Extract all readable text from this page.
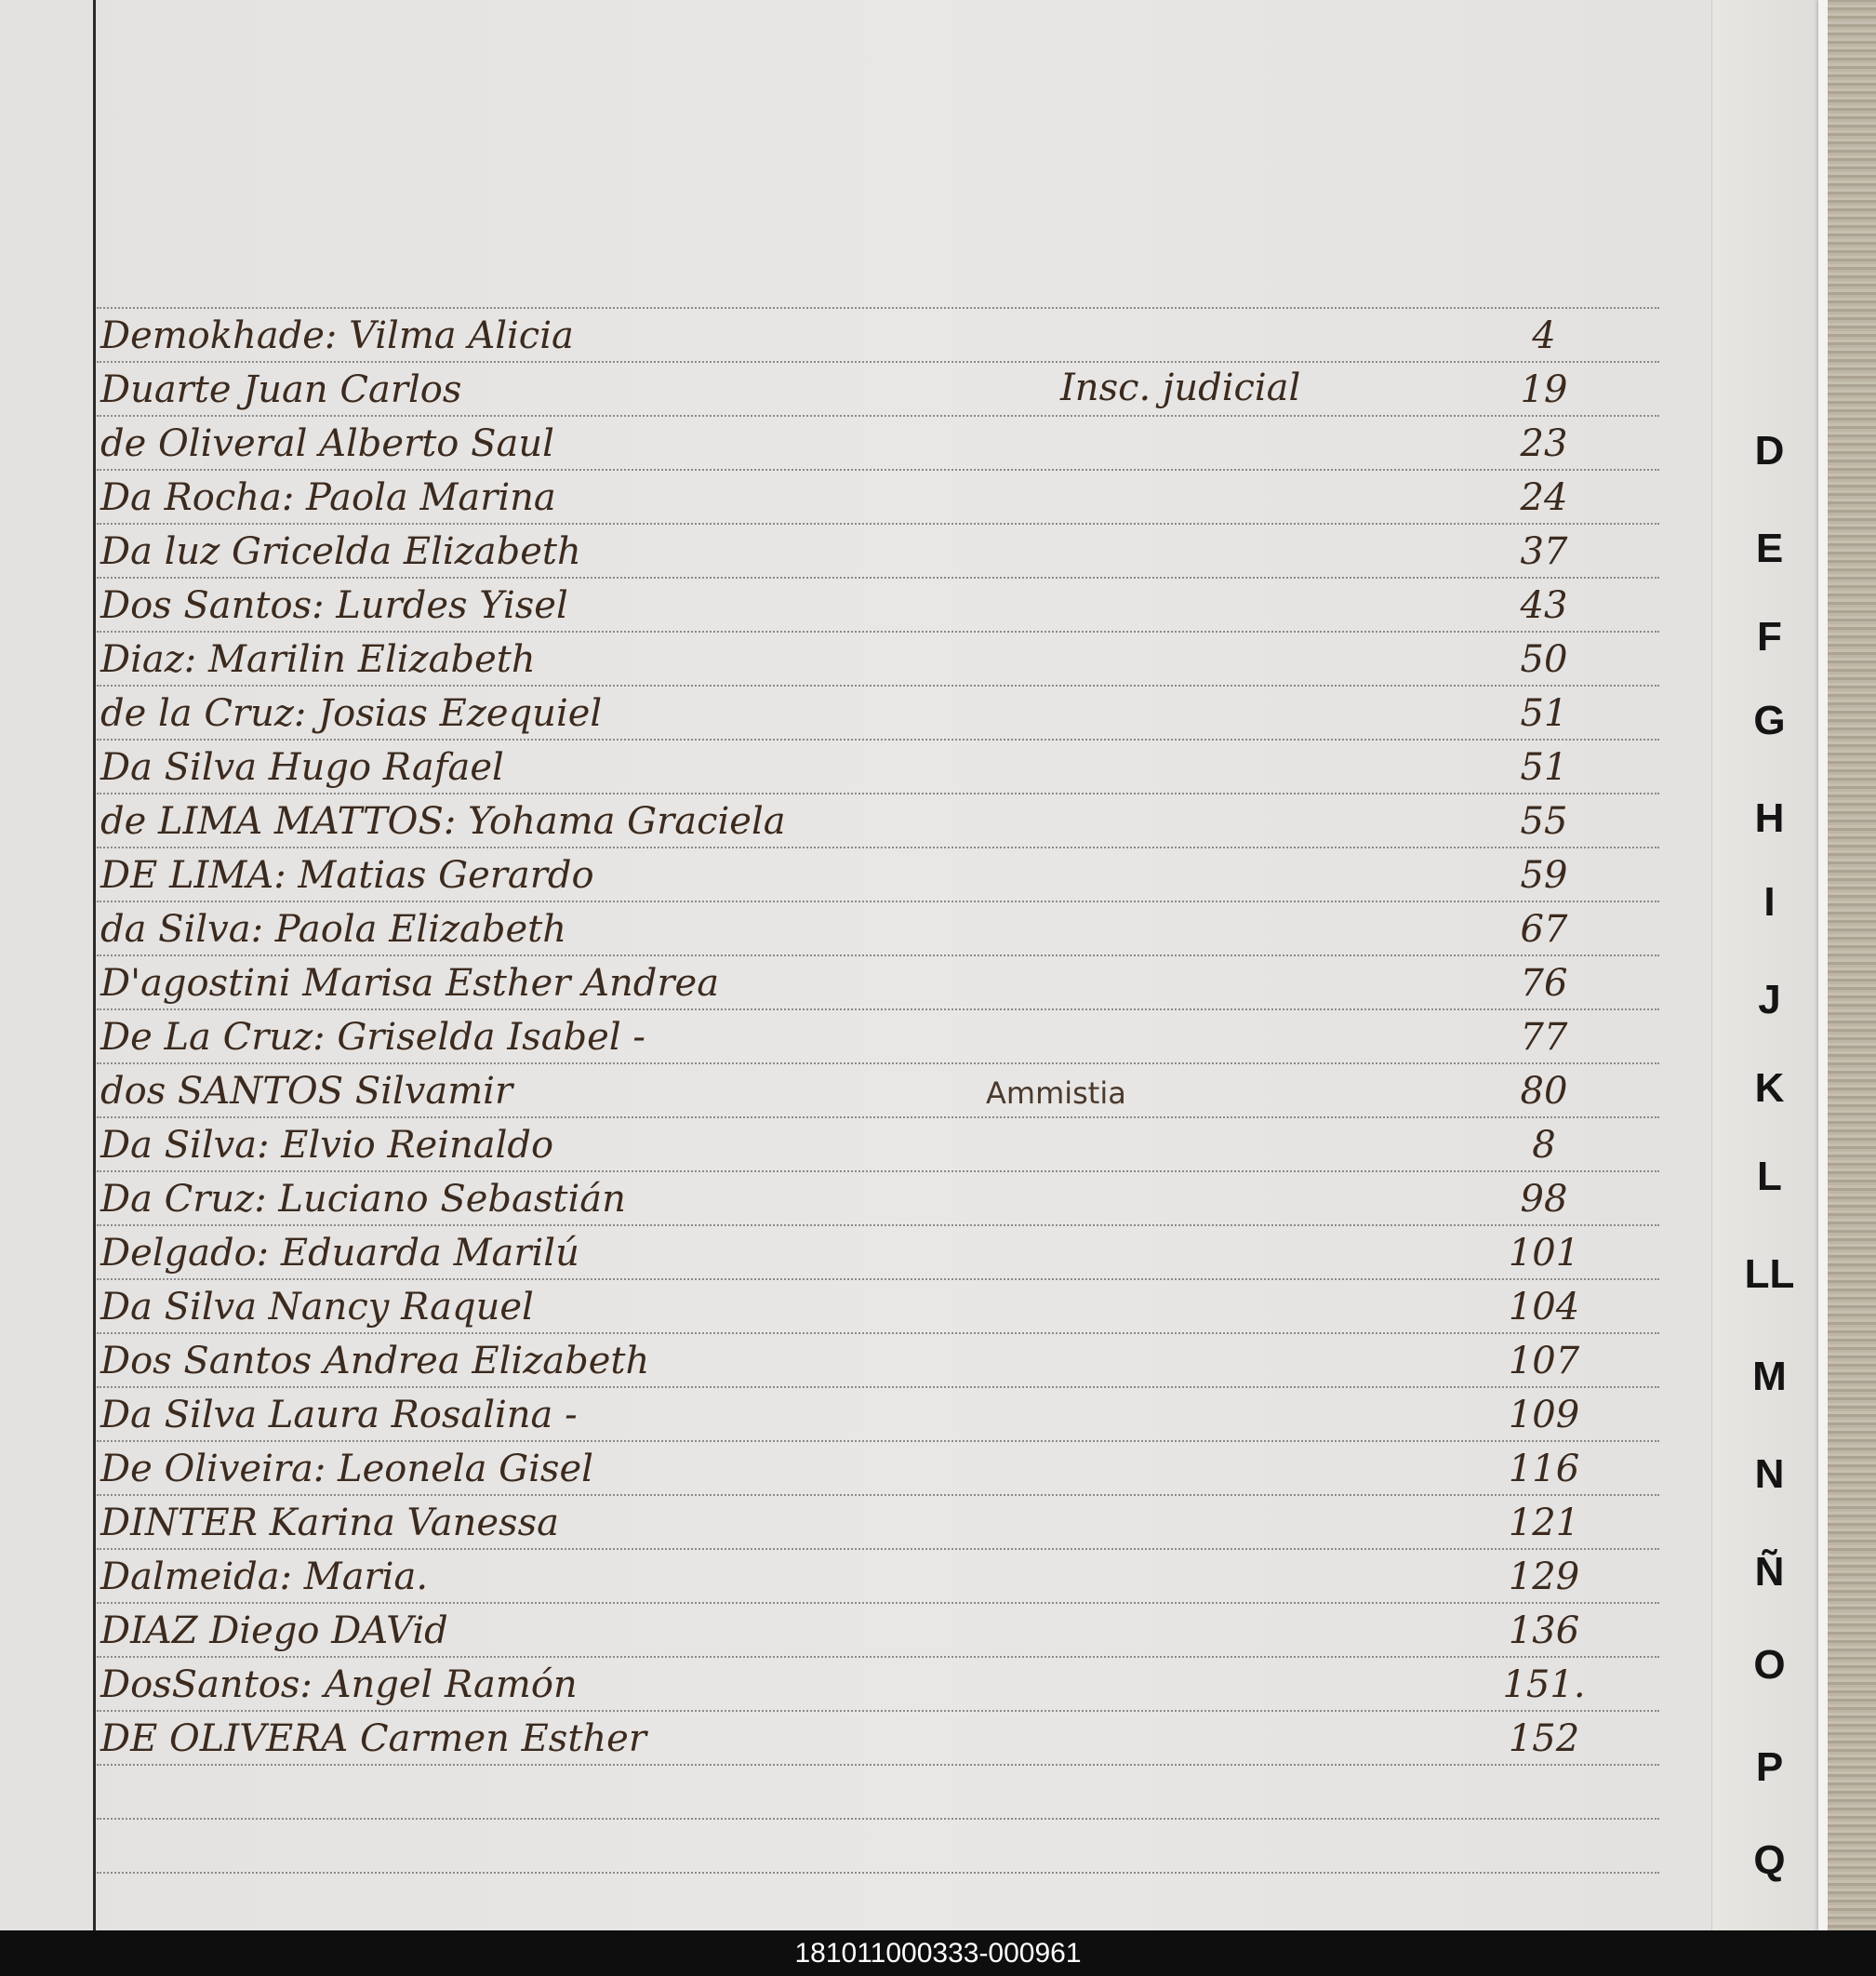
D
E
F
G
H
I
J
K
L
LL
M
N
Ñ
O
P
Q
Demokhade: Vilma Alicia	4
Duarte Juan Carlos	Insc. judicial	19
de Oliveral Alberto Saul	23
Da Rocha: Paola Marina	24
Da luz Gricelda Elizabeth	37
Dos Santos: Lurdes Yisel	43
Diaz: Marilin Elizabeth	50
de la Cruz: Josias Ezequiel	51
Da Silva Hugo Rafael	51
de LIMA MATTOS: Yohama Graciela	55
DE LIMA: Matias Gerardo	59
da Silva: Paola Elizabeth	67
D'agostini Marisa Esther Andrea	76
De La Cruz: Griselda Isabel -	77
dos SANTOS Silvamir	Ammistia	80
Da Silva: Elvio Reinaldo	8
Da Cruz: Luciano Sebastián	98
Delgado: Eduarda Marilú	101
Da Silva Nancy Raquel	104
Dos Santos Andrea Elizabeth	107
Da Silva Laura Rosalina -	109
De Oliveira: Leonela Gisel	116
DINTER Karina Vanessa	121
Dalmeida: Maria.	129
DIAZ Diego DAVid	136
DosSantos: Angel Ramón	151.
DE OLIVERA Carmen Esther	152
181011000333-000961
